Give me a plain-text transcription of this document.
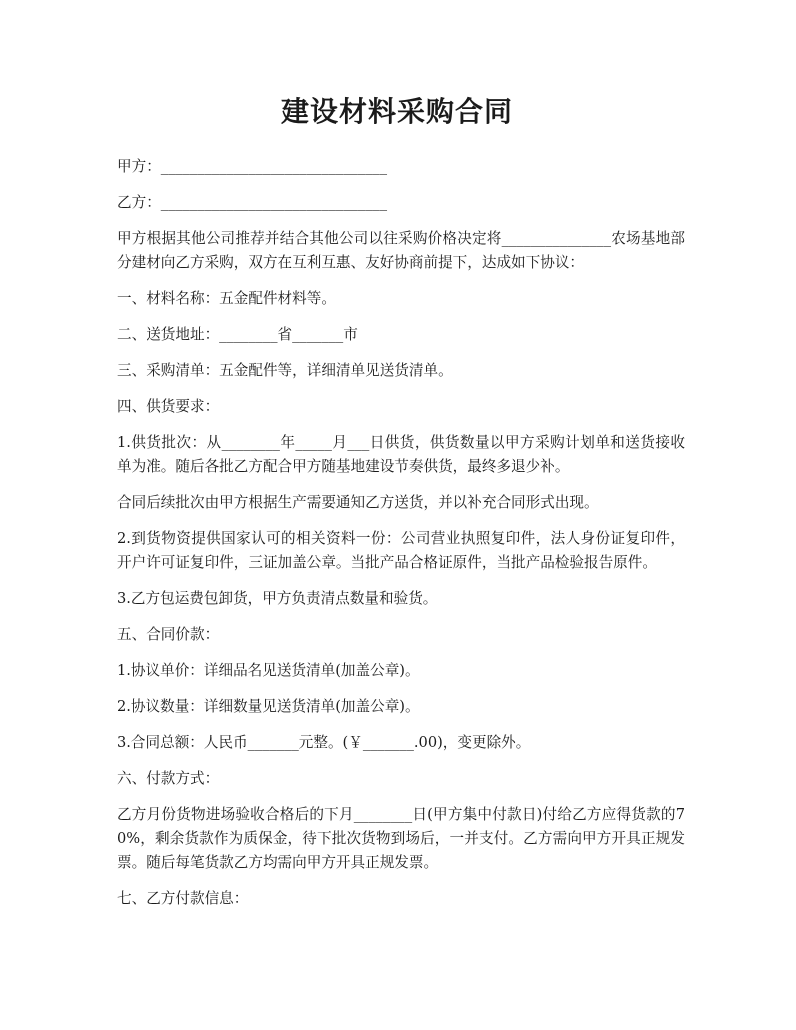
建设材料采购合同

甲方：_______________________________

乙方：_______________________________

甲方根据其他公司推荐并结合其他公司以往采购价格决定将_______________农场基地部分建材向乙方采购，双方在互利互惠、友好协商前提下，达成如下协议：

一、材料名称：五金配件材料等。

二、送货地址：________省_______市

三、采购清单：五金配件等，详细清单见送货清单。

四、供货要求：

1.供货批次：从________年_____月___日供货，供货数量以甲方采购计划单和送货接收单为准。随后各批乙方配合甲方随基地建设节奏供货，最终多退少补。

合同后续批次由甲方根据生产需要通知乙方送货，并以补充合同形式出现。

2.到货物资提供国家认可的相关资料一份：公司营业执照复印件，法人身份证复印件，开户许可证复印件，三证加盖公章。当批产品合格证原件，当批产品检验报告原件。

3.乙方包运费包卸货，甲方负责清点数量和验货。

五、合同价款：

1.协议单价：详细品名见送货清单(加盖公章)。

2.协议数量：详细数量见送货清单(加盖公章)。

3.合同总额：人民币_______元整。(￥_______.00)，变更除外。

六、付款方式：

乙方月份货物进场验收合格后的下月________日(甲方集中付款日)付给乙方应得货款的70%，剩余货款作为质保金，待下批次货物到场后，一并支付。乙方需向甲方开具正规发票。随后每笔货款乙方均需向甲方开具正规发票。

七、乙方付款信息：
